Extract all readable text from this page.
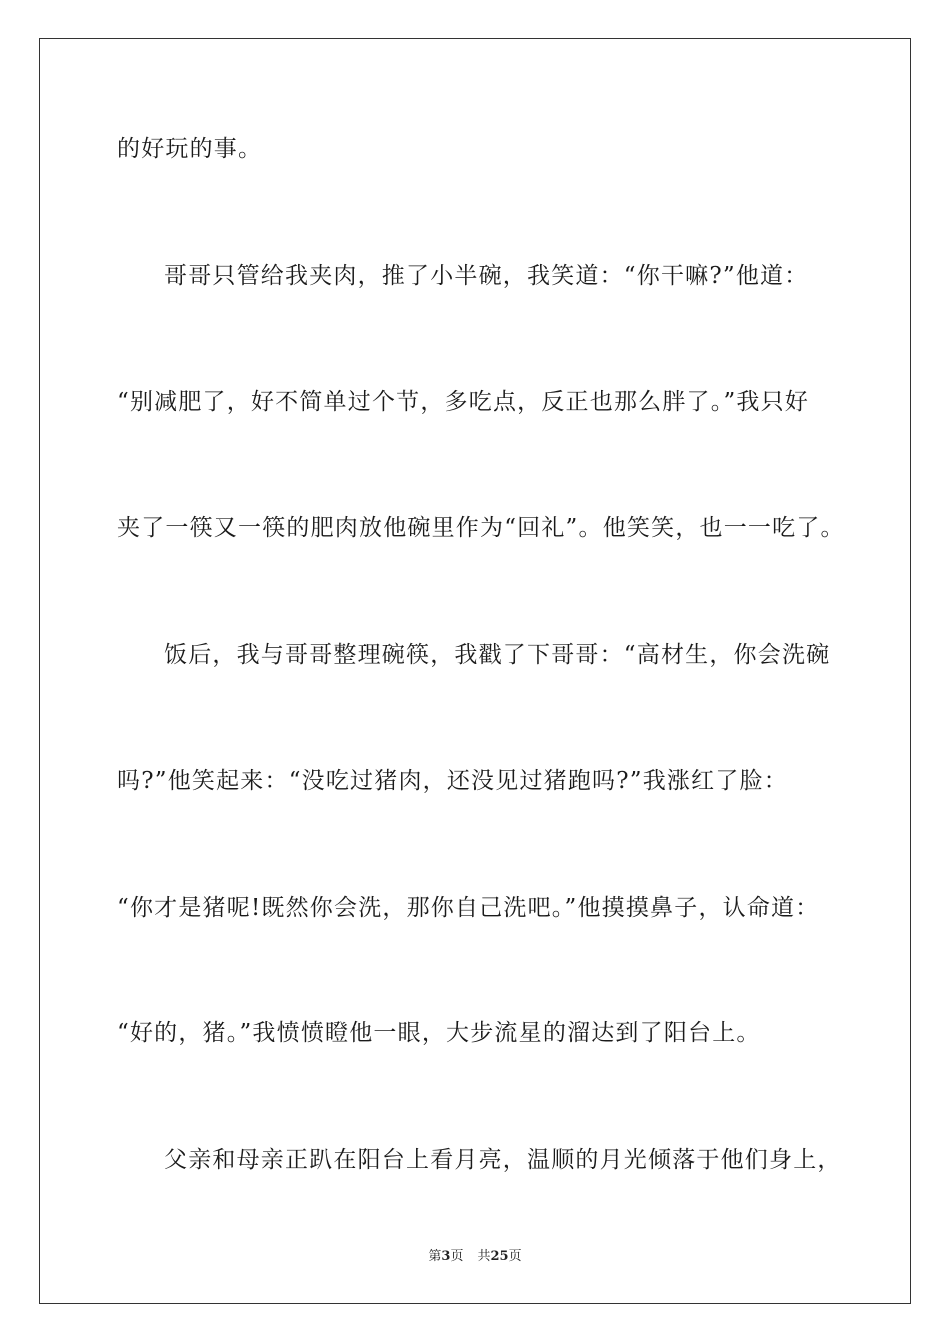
的好玩的事。
哥哥只管给我夹肉，推了小半碗，我笑道：“你干嘛?”他道：
“别减肥了，好不简单过个节，多吃点，反正也那么胖了。”我只好
夹了一筷又一筷的肥肉放他碗里作为“回礼”。他笑笑，也一一吃了。
饭后，我与哥哥整理碗筷，我戳了下哥哥：“高材生，你会洗碗
吗?”他笑起来：“没吃过猪肉，还没见过猪跑吗?”我涨红了脸：
“你才是猪呢!既然你会洗，那你自己洗吧。”他摸摸鼻子，认命道：
“好的，猪。”我愤愤瞪他一眼，大步流星的溜达到了阳台上。
父亲和母亲正趴在阳台上看月亮，温顺的月光倾落于他们身上，
第3页 共25页
